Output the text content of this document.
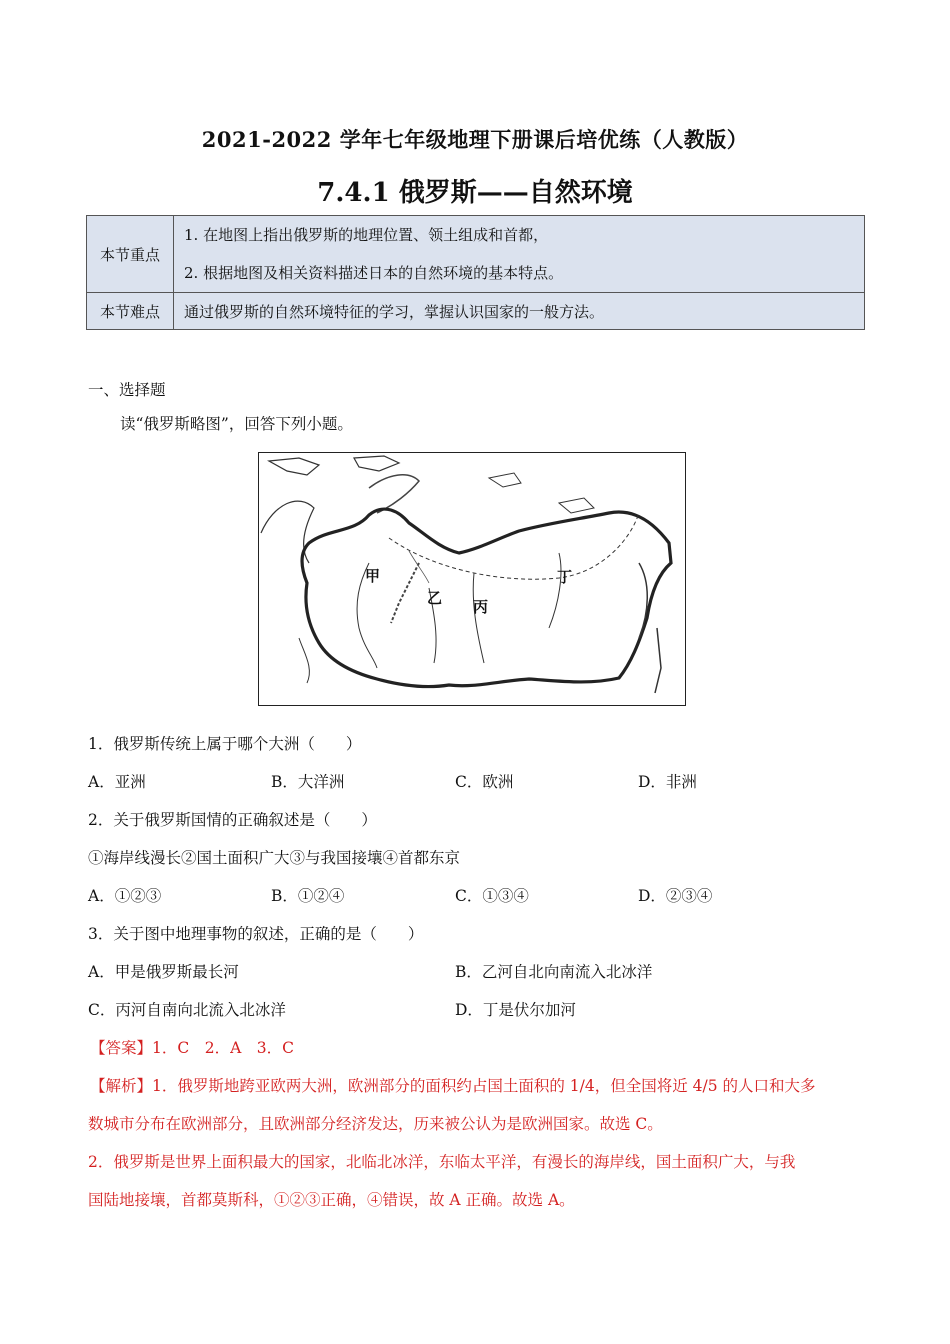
2021-2022 学年七年级地理下册课后培优练（人教版）
7.4.1 俄罗斯——自然环境
本节重点	1. 在地图上指出俄罗斯的地理位置、领土组成和首都，
2. 根据地图及相关资料描述日本的自然环境的基本特点。

本节难点	通过俄罗斯的自然环境特征的学习，掌握认识国家的一般方法。
一、选择题
读“俄罗斯略图”，回答下列小题。
甲
乙 丙
丁
1．俄罗斯传统上属于哪个大洲（　　）
A．亚洲	B．大洋洲	C．欧洲	D．非洲
2．关于俄罗斯国情的正确叙述是（　　）
①海岸线漫长②国土面积广大③与我国接壤④首都东京
A．①②③	B．①②④	C．①③④	D．②③④
3．关于图中地理事物的叙述，正确的是（　　）
A．甲是俄罗斯最长河	B．乙河自北向南流入北冰洋
C．丙河自南向北流入北冰洋	D．丁是伏尔加河
【答案】1．C　2．A　3．C
【解析】1．俄罗斯地跨亚欧两大洲，欧洲部分的面积约占国土面积的 1/4，但全国将近 4/5 的人口和大多
数城市分布在欧洲部分，且欧洲部分经济发达，历来被公认为是欧洲国家。故选 C。
2．俄罗斯是世界上面积最大的国家，北临北冰洋，东临太平洋，有漫长的海岸线，国土面积广大，与我
国陆地接壤，首都莫斯科，①②③正确，④错误，故 A 正确。故选 A。
